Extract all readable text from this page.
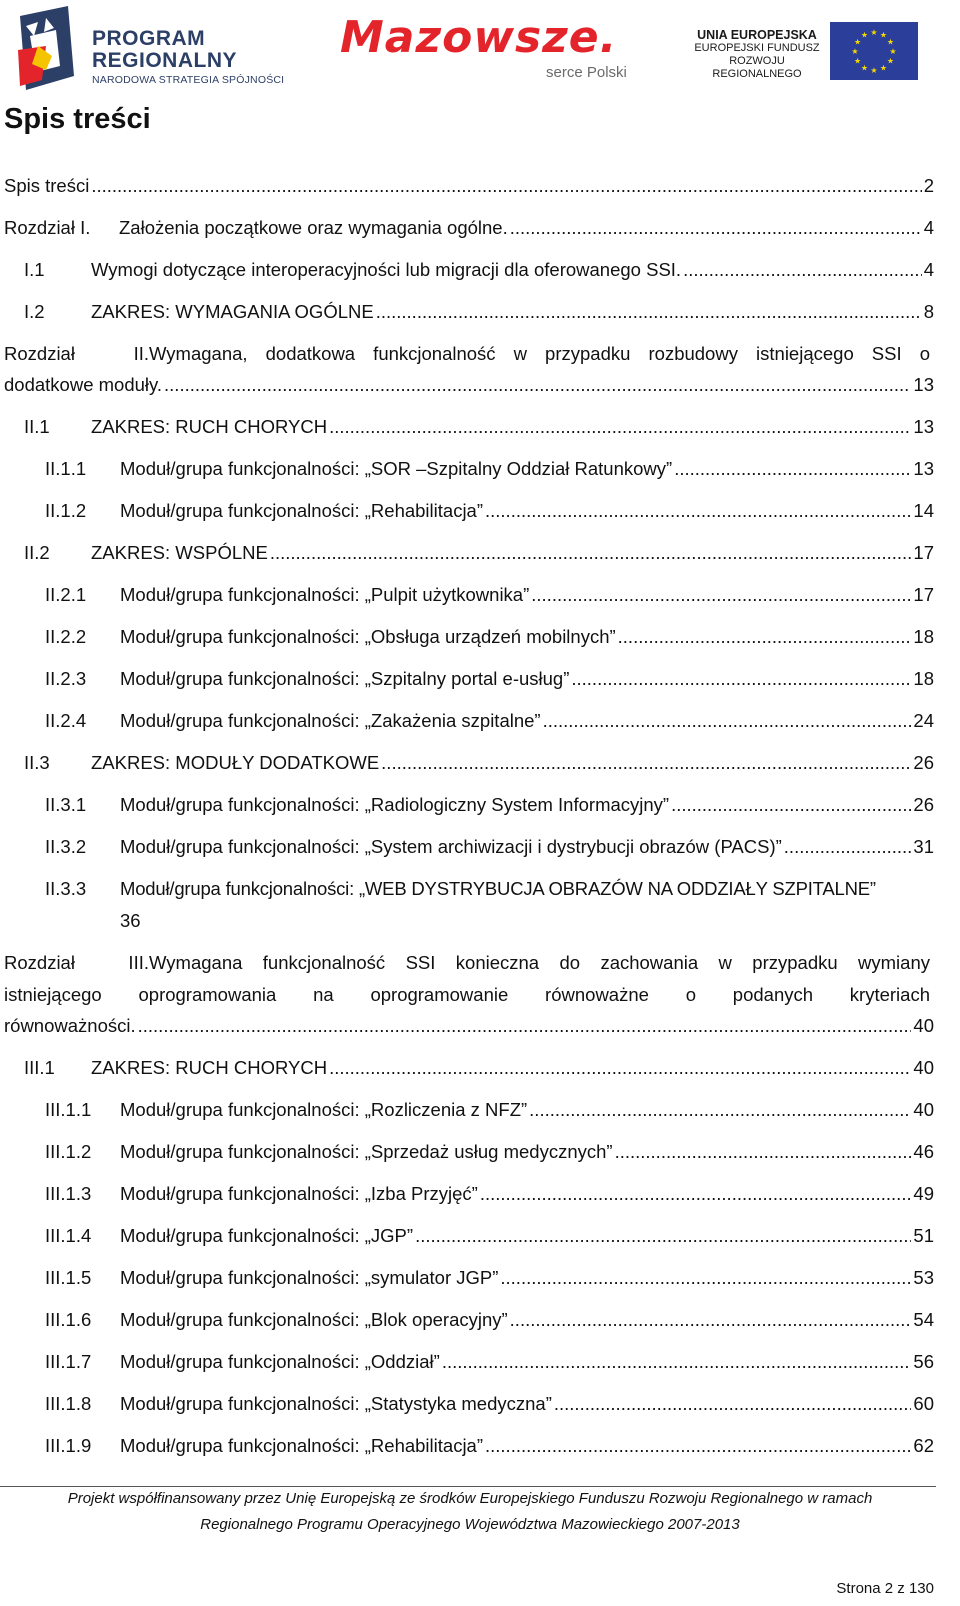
PROGRAM
REGIONALNY
NARODOWA STRATEGIA SPÓJNOŚCI
Mazowsze.
serce Polski
UNIA EUROPEJSKA
EUROPEJSKI FUNDUSZ
ROZWOJU REGIONALNEGO
★ ★
★
★
★
★
★
★
★
★
★
★
Spis treści
Spis treści .....	2
Rozdział I.	Założenia początkowe oraz wymagania ogólne. .....	4
I.1	Wymogi dotyczące interoperacyjności lub migracji dla oferowanego SSI. .....	4
I.2	ZAKRES: WYMAGANIA OGÓLNE .....	8
Rozdział II.Wymagana, dodatkowa funkcjonalność w przypadku rozbudowy istniejącego SSI o
dodatkowe moduły. .....	13
II.1	ZAKRES: RUCH CHORYCH .....	13
II.1.1	Moduł/grupa funkcjonalności: „SOR –Szpitalny Oddział Ratunkowy” .....	13
II.1.2	Moduł/grupa funkcjonalności: „Rehabilitacja” .....	14
II.2	ZAKRES: WSPÓLNE .....	17
II.2.1	Moduł/grupa funkcjonalności: „Pulpit użytkownika” .....	17
II.2.2	Moduł/grupa funkcjonalności: „Obsługa urządzeń mobilnych” .....	18
II.2.3	Moduł/grupa funkcjonalności: „Szpitalny portal e-usług” .....	18
II.2.4	Moduł/grupa funkcjonalności: „Zakażenia szpitalne” .....	24
II.3	ZAKRES: MODUŁY DODATKOWE .....	26
II.3.1	Moduł/grupa funkcjonalności: „Radiologiczny System Informacyjny” .....	26
II.3.2	Moduł/grupa funkcjonalności: „System archiwizacji i dystrybucji obrazów (PACS)” .....	31
II.3.3	Moduł/grupa funkcjonalności: „WEB DYSTRYBUCJA OBRAZÓW NA ODDZIAŁY SZPITALNE”
36
Rozdział III.Wymagana funkcjonalność SSI konieczna do zachowania w przypadku wymiany
istniejącego oprogramowania na oprogramowanie równoważne o podanych kryteriach
równoważności. .....	40
III.1	ZAKRES: RUCH CHORYCH .....	40
III.1.1	Moduł/grupa funkcjonalności: „Rozliczenia z NFZ” .....	40
III.1.2	Moduł/grupa funkcjonalności: „Sprzedaż usług medycznych” .....	46
III.1.3	Moduł/grupa funkcjonalności: „Izba Przyjęć” .....	49
III.1.4	Moduł/grupa funkcjonalności: „JGP” .....	51
III.1.5	Moduł/grupa funkcjonalności: „symulator JGP” .....	53
III.1.6	Moduł/grupa funkcjonalności: „Blok operacyjny” .....	54
III.1.7	Moduł/grupa funkcjonalności: „Oddział” .....	56
III.1.8	Moduł/grupa funkcjonalności: „Statystyka medyczna” .....	60
III.1.9	Moduł/grupa funkcjonalności: „Rehabilitacja” .....	62
Projekt współfinansowany przez Unię Europejską ze środków Europejskiego Funduszu Rozwoju Regionalnego w ramach
Regionalnego Programu Operacyjnego Województwa Mazowieckiego 2007-2013
Strona 2 z 130
